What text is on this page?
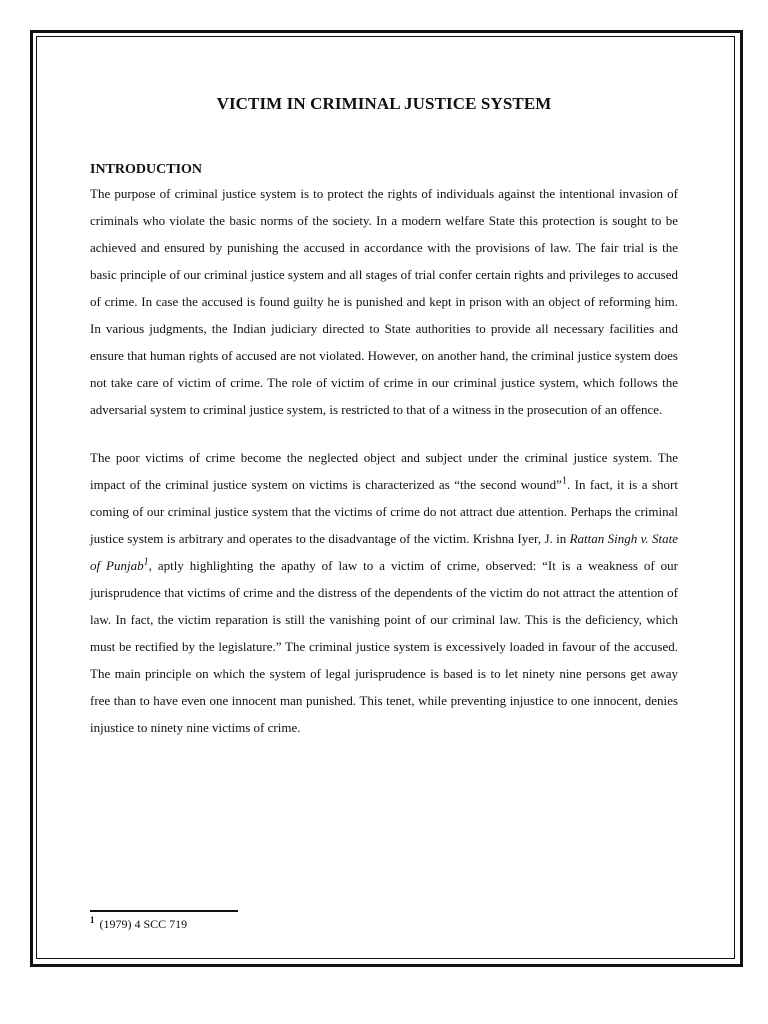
VICTIM IN CRIMINAL JUSTICE SYSTEM
INTRODUCTION

The purpose of criminal justice system is to protect the rights of individuals against the intentional invasion of criminals who violate the basic norms of the society. In a modern welfare State this protection is sought to be achieved and ensured by punishing the accused in accordance with the provisions of law. The fair trial is the basic principle of our criminal justice system and all stages of trial confer certain rights and privileges to accused of crime. In case the accused is found guilty he is punished and kept in prison with an object of reforming him. In various judgments, the Indian judiciary directed to State authorities to provide all necessary facilities and ensure that human rights of accused are not violated. However, on another hand, the criminal justice system does not take care of victim of crime. The role of victim of crime in our criminal justice system, which follows the adversarial system to criminal justice system, is restricted to that of a witness in the prosecution of an offence.

The poor victims of crime become the neglected object and subject under the criminal justice system. The impact of the criminal justice system on victims is characterized as “the second wound”$^1$. In fact, it is a short coming of our criminal justice system that the victims of crime do not attract due attention. Perhaps the criminal justice system is arbitrary and operates to the disadvantage of the victim. Krishna Iyer, J. in Rattan Singh v. State of Punjab$^1$, aptly highlighting the apathy of law to a victim of crime, observed: “It is a weakness of our jurisprudence that victims of crime and the distress of the dependents of the victim do not attract the attention of law. In fact, the victim reparation is still the vanishing point of our criminal law. This is the deficiency, which must be rectified by the legislature.” The criminal justice system is excessively loaded in favour of the accused. The main principle on which the system of legal jurisprudence is based is to let ninety nine persons get away free than to have even one innocent man punished. This tenet, while preventing injustice to one innocent, denies injustice to ninety nine victims of crime.

$^1$ (1979) 4 SCC 719
